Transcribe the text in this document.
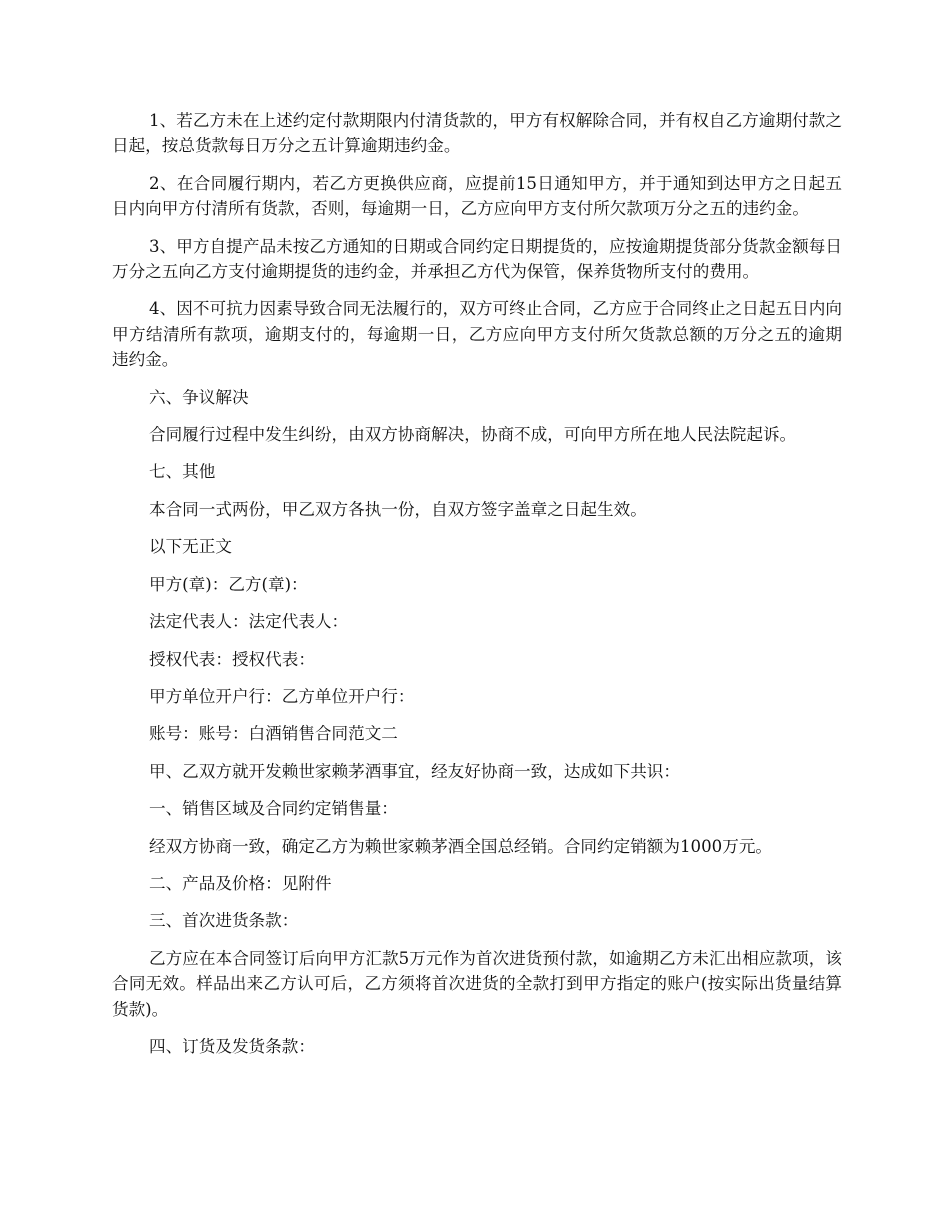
1、若乙方未在上述约定付款期限内付清货款的，甲方有权解除合同，并有权自乙方逾期付款之日起，按总货款每日万分之五计算逾期违约金。

2、在合同履行期内，若乙方更换供应商，应提前15日通知甲方，并于通知到达甲方之日起五日内向甲方付清所有货款，否则，每逾期一日，乙方应向甲方支付所欠款项万分之五的违约金。

3、甲方自提产品未按乙方通知的日期或合同约定日期提货的，应按逾期提货部分货款金额每日万分之五向乙方支付逾期提货的违约金，并承担乙方代为保管，保养货物所支付的费用。

4、因不可抗力因素导致合同无法履行的，双方可终止合同，乙方应于合同终止之日起五日内向甲方结清所有款项，逾期支付的，每逾期一日，乙方应向甲方支付所欠货款总额的万分之五的逾期违约金。

六、争议解决

合同履行过程中发生纠纷，由双方协商解决，协商不成，可向甲方所在地人民法院起诉。

七、其他

本合同一式两份，甲乙双方各执一份，自双方签字盖章之日起生效。

以下无正文

甲方(章)：乙方(章)：

法定代表人：法定代表人：

授权代表：授权代表：

甲方单位开户行：乙方单位开户行：

账号：账号：白酒销售合同范文二

甲、乙双方就开发赖世家赖茅酒事宜，经友好协商一致，达成如下共识：

一、销售区域及合同约定销售量：

经双方协商一致，确定乙方为赖世家赖茅酒全国总经销。合同约定销额为1000万元。

二、产品及价格：见附件

三、首次进货条款：

乙方应在本合同签订后向甲方汇款5万元作为首次进货预付款，如逾期乙方未汇出相应款项，该合同无效。样品出来乙方认可后，乙方须将首次进货的全款打到甲方指定的账户(按实际出货量结算货款)。

四、订货及发货条款：
